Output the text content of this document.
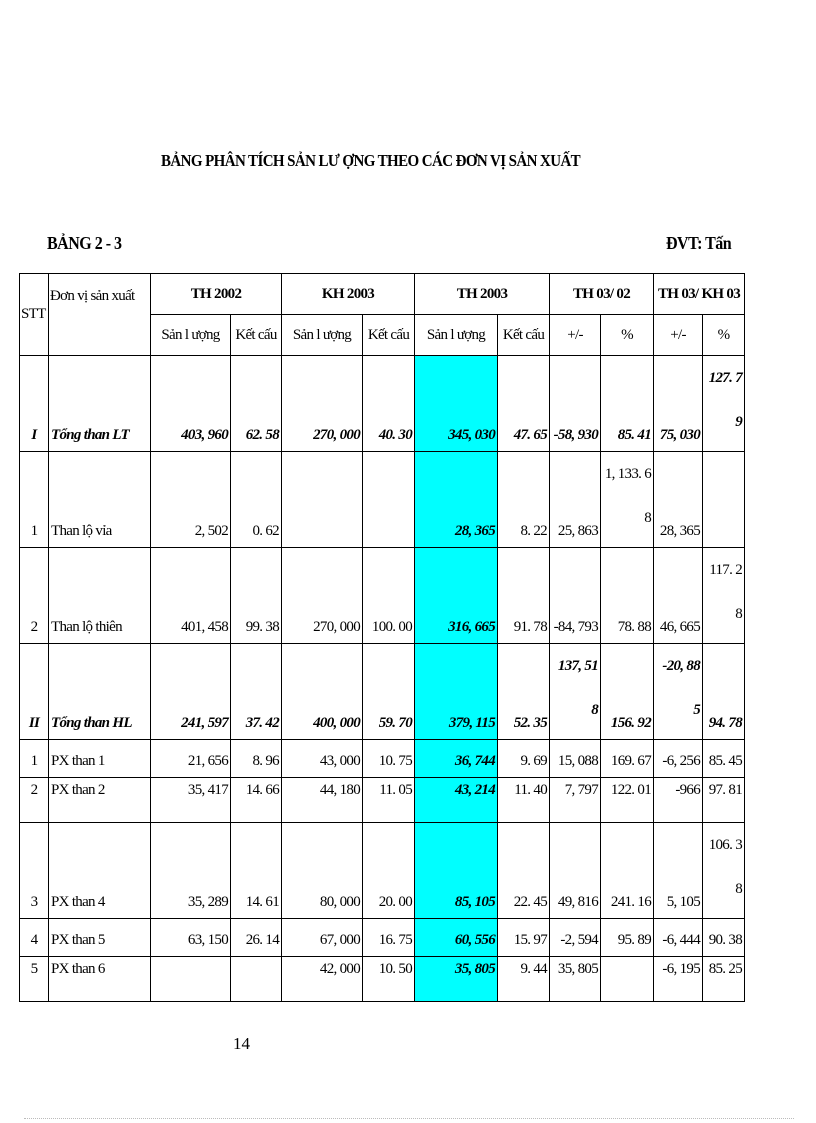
BẢNG PHÂN TÍCH SẢN LƯ ỢNG THEO CÁC ĐƠN VỊ SẢN XUẤT
BẢNG 2 - 3	ĐVT: Tấn
STT	Đơn vị sản xuất	TH 2002		KH 2003		TH 2003		TH 03/ 02		TH 03/ KH 03	
		Sản l ượng	Kết cấu	Sản l ượng	Kết cấu	Sản l ượng	Kết cấu	+/-	%	+/-	%
I	Tổng than LT	403, 960	62. 58	270, 000	40. 30	345, 030	47. 65	-58, 930	85. 41	75, 030	127. 79
1	Than lộ vỉa	2, 502	0. 62			28, 365	8. 22	25, 863	1, 133. 68	28, 365	
2	Than lộ thiên	401, 458	99. 38	270, 000	100. 00	316, 665	91. 78	-84, 793	78. 88	46, 665	117. 28
II	Tổng than HL	241, 597	37. 42	400, 000	59. 70	379, 115	52. 35	137, 518	156. 92	-20, 885	94. 78
1	PX than 1	21, 656	8. 96	43, 000	10. 75	36, 744	9. 69	15, 088	169. 67	-6, 256	85. 45
2	PX than 2	35, 417	14. 66	44, 180	11. 05	43, 214	11. 40	7, 797	122. 01	-966	97. 81
3	PX than 4	35, 289	14. 61	80, 000	20. 00	85, 105	22. 45	49, 816	241. 16	5, 105	106. 38
4	PX than 5	63, 150	26. 14	67, 000	16. 75	60, 556	15. 97	-2, 594	95. 89	-6, 444	90. 38
5	PX than 6			42, 000	10. 50	35, 805	9. 44	35, 805		-6, 195	85. 25
14
